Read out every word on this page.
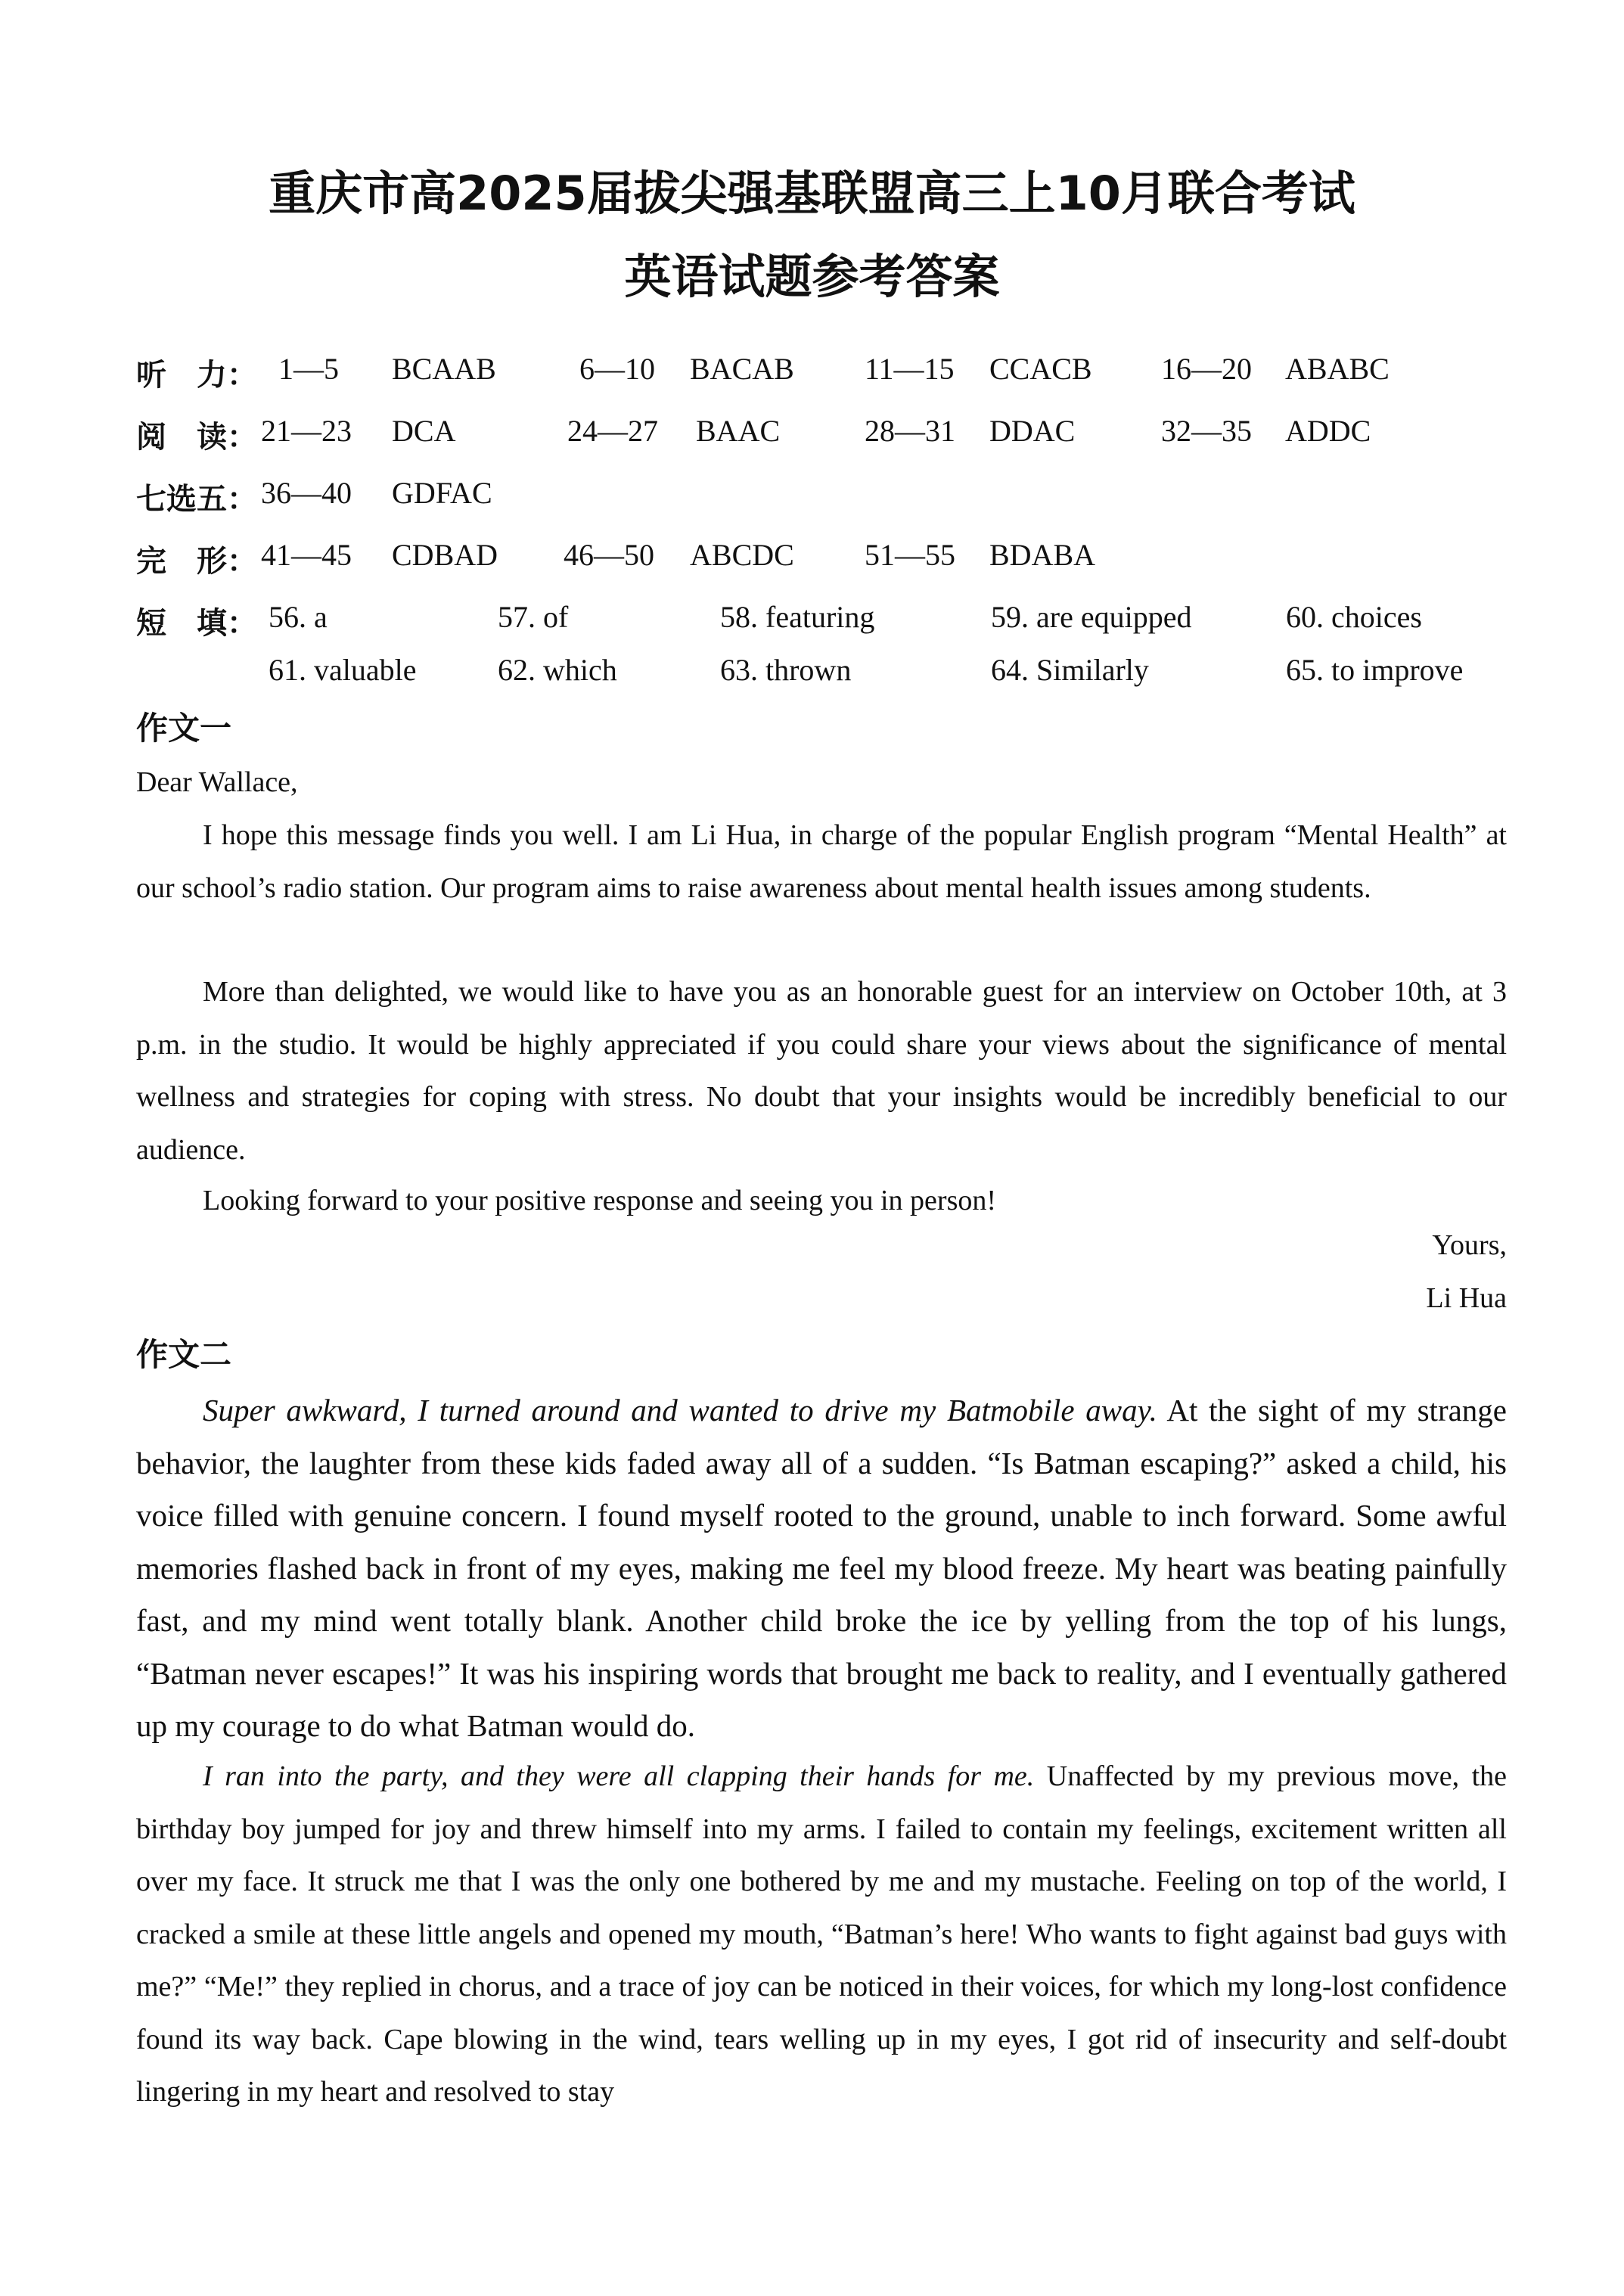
重庆市高2025届拔尖强基联盟高三上10月联合考试
英语试题参考答案
听　力： 1—5 BCAAB	6—10 BACAB 11—15 CCACB 16—20 ABABC
阅　读： 21—23 DCA	24—27 BAAC	28—31 DDAC	32—35 ADDC
七选五： 36—40 GDFAC
完　形： 41—45 CDBAD 46—50 ABCDC 51—55 BDABA
短　填： 56. a	57. of	58. featuring	59. are equipped	60. choices
61. valuable	62. which	63. thrown	64. Similarly	65. to improve
作文一
Dear Wallace,
I hope this message finds you well. I am Li Hua, in charge of the popular English program “Mental Health” at our school’s radio station. Our program aims to raise awareness about mental health issues among students.
More than delighted, we would like to have you as an honorable guest for an interview on October 10th, at 3 p.m. in the studio. It would be highly appreciated if you could share your views about the significance of mental wellness and strategies for coping with stress. No doubt that your insights would be incredibly beneficial to our audience.
Looking forward to your positive response and seeing you in person!
Yours,
Li Hua
作文二
Super awkward, I turned around and wanted to drive my Batmobile away. At the sight of my strange behavior, the laughter from these kids faded away all of a sudden. “Is Batman escaping?” asked a child, his voice filled with genuine concern. I found myself rooted to the ground, unable to inch forward. Some awful memories flashed back in front of my eyes, making me feel my blood freeze. My heart was beating painfully fast, and my mind went totally blank. Another child broke the ice by yelling from the top of his lungs, “Batman never escapes!” It was his inspiring words that brought me back to reality, and I eventually gathered up my courage to do what Batman would do.
I ran into the party, and they were all clapping their hands for me. Unaffected by my previous move, the birthday boy jumped for joy and threw himself into my arms. I failed to contain my feelings, excitement written all over my face. It struck me that I was the only one bothered by me and my mustache. Feeling on top of the world, I cracked a smile at these little angels and opened my mouth, “Batman’s here! Who wants to fight against bad guys with me?” “Me!” they replied in chorus, and a trace of joy can be noticed in their voices, for which my long-lost confidence found its way back. Cape blowing in the wind, tears welling up in my eyes, I got rid of insecurity and self-doubt lingering in my heart and resolved to stay
